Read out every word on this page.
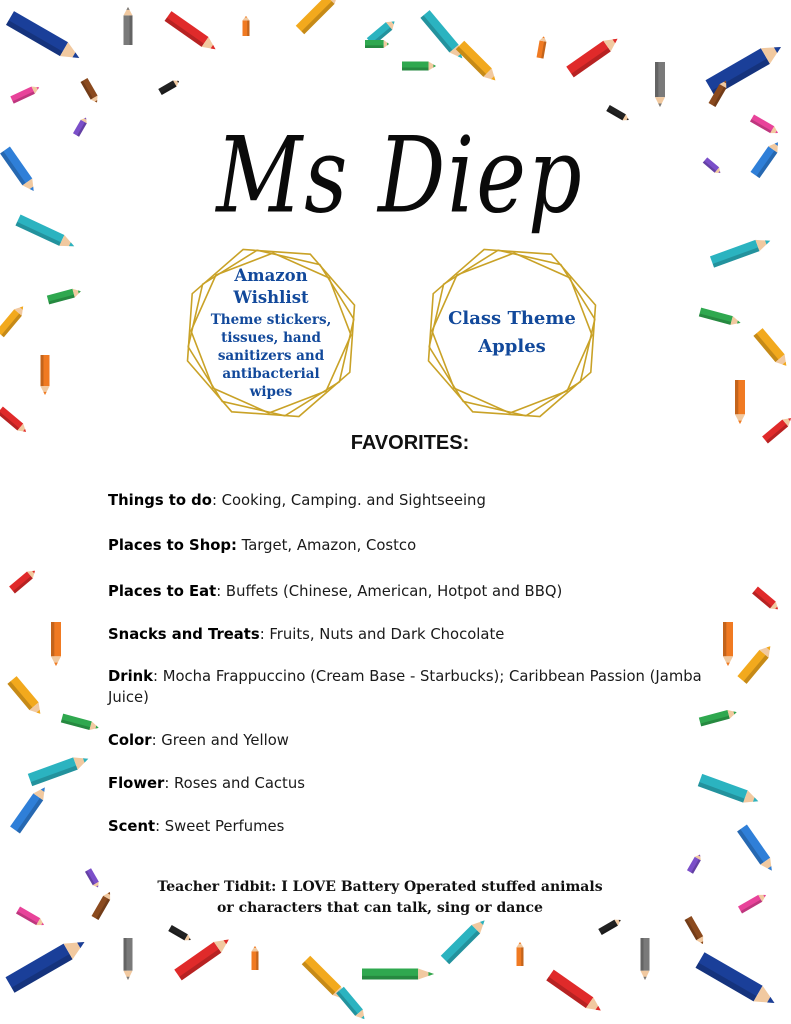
Ms Diep
Amazon Wishlist
Theme stickers, tissues, hand sanitizers and antibacterial wipes
Class Theme Apples
FAVORITES:
Things to do: Cooking, Camping. and Sightseeing
Places to Shop: Target, Amazon, Costco
Places to Eat: Buffets (Chinese, American, Hotpot and BBQ)
Snacks and Treats: Fruits, Nuts and Dark Chocolate
Drink: Mocha Frappuccino (Cream Base - Starbucks); Caribbean Passion (Jamba Juice)
Color: Green and Yellow
Flower: Roses and Cactus
Scent: Sweet Perfumes
Teacher Tidbit: I LOVE Battery Operated stuffed animals
or characters that can talk, sing or dance
